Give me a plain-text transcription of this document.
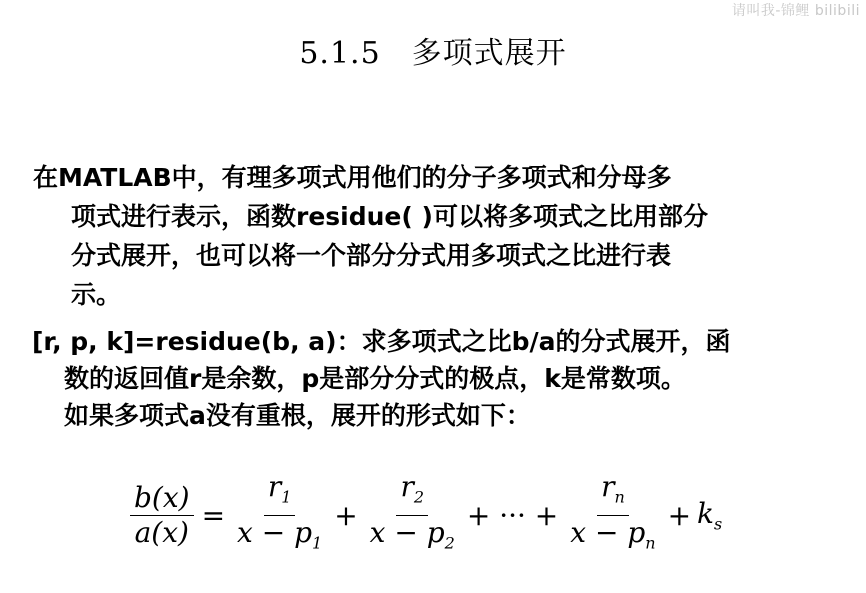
请叫我-锦鲤 bilibili
5.1.5　多项式展开
在MATLAB中，有理多项式用他们的分子多项式和分母多
项式进行表示，函数residue( )可以将多项式之比用部分
分式展开，也可以将一个部分分式用多项式之比进行表
示。
[r, p, k]=residue(b, a)：求多项式之比b/a的分式展开，函
数的返回值r是余数，p是部分分式的极点，k是常数项。
如果多项式a没有重根，展开的形式如下：
$\frac{b(x)}{a(x)} = \frac{r_1}{x - p_1} + \frac{r_2}{x - p_2}$ + ··· + $\frac{r_n}{x - p_n} + k_s$
